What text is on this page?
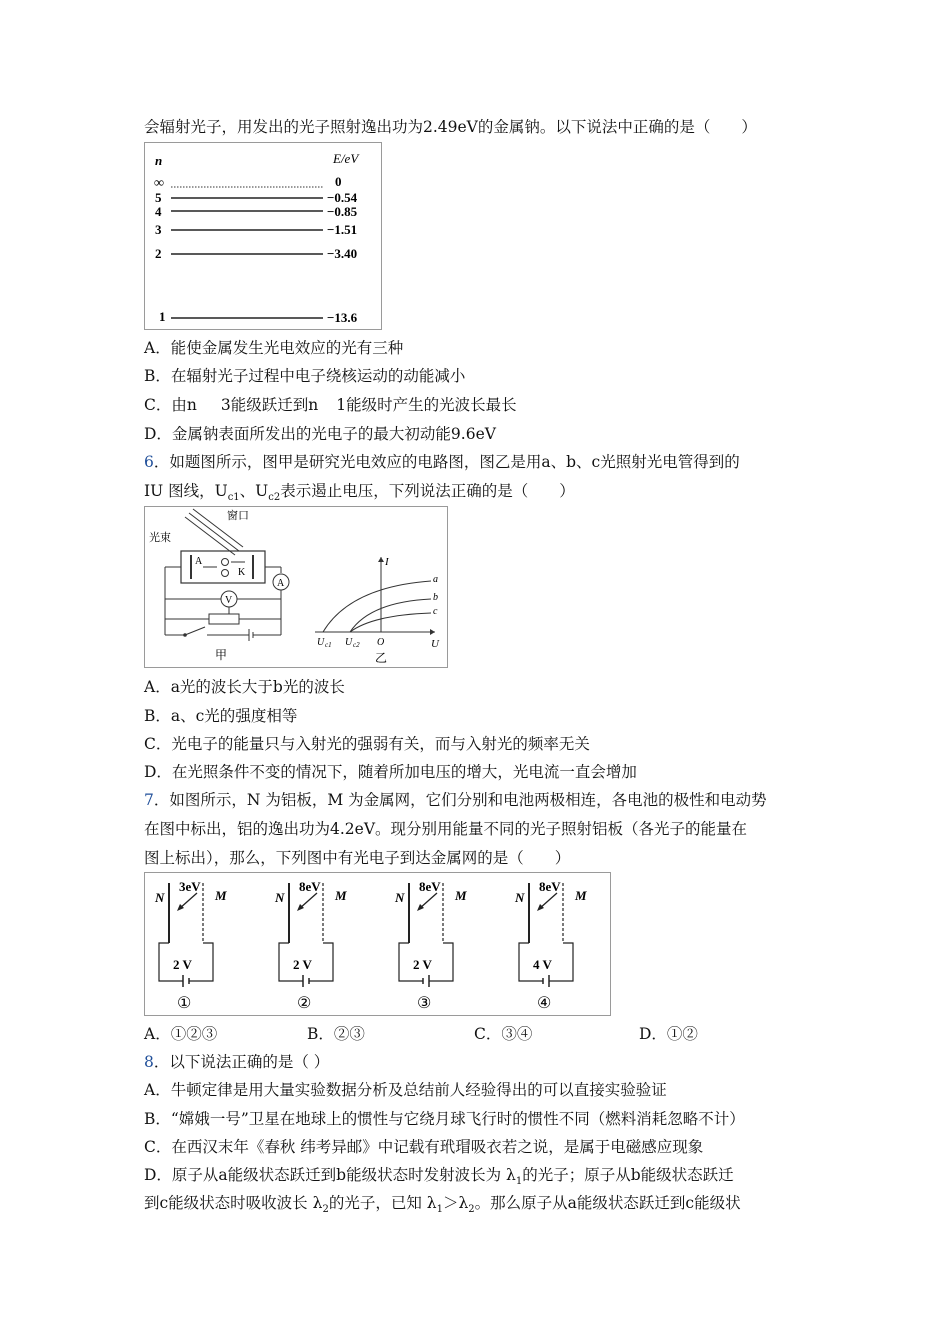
会辐射光子，用发出的光子照射逸出功为2.49eV的金属钠。以下说法中正确的是（　　）
n	E/eV
∞	0
5	−0.54
4	−0.85
3	−1.51
2	−3.40
1	−13.6
A．能使金属发生光电效应的光有三种
B．在辐射光子过程中电子绕核运动的动能减小
C．由n 3能级跃迁到n 1能级时产生的光波长最长
D．金属钠表面所发出的光电子的最大初动能9.6eV
6．如题图所示，图甲是研究光电效应的电路图，图乙是用a、b、c光照射光电管得到的
IU 图线，$U_{c1}$、$U_{c2}$表示遏止电压，下列说法正确的是（　　）
窗口
光束
A
K
A
V
甲
I
U
O
a
b
c
U c1 U c2
乙
A．a光的波长大于b光的波长
B．a、c光的强度相等
C．光电子的能量只与入射光的强弱有关，而与入射光的频率无关
D．在光照条件不变的情况下，随着所加电压的增大，光电流一直会增加
7．如图所示，N 为铝板，M 为金属网，它们分别和电池两极相连，各电池的极性和电动势
在图中标出，铝的逸出功为4.2eV。现分别用能量不同的光子照射铝板（各光子的能量在
图上标出），那么，下列图中有光电子到达金属网的是（　　）
N	M
3eV
2 V
①
N	M
8eV
2 V
②
N	M
8eV
2 V
③
N	M
8eV
4 V
④
A．①②③	B．②③	C．③④	D．①②
8．以下说法正确的是（ ）
A．牛顿定律是用大量实验数据分析及总结前人经验得出的可以直接实验验证
B．“嫦娥一号”卫星在地球上的惯性与它绕月球飞行时的惯性不同（燃料消耗忽略不计）
C．在西汉末年《春秋 纬考异邮》中记载有玳瑁吸衣若之说，是属于电磁感应现象
D．原子从a能级状态跃迁到b能级状态时发射波长为 $\lambda_1$的光子；原子从b能级状态跃迁
到c能级状态时吸收波长 $\lambda_2$的光子，已知 $\lambda_1>\lambda_2$。那么原子从a能级状态跃迁到c能级状
